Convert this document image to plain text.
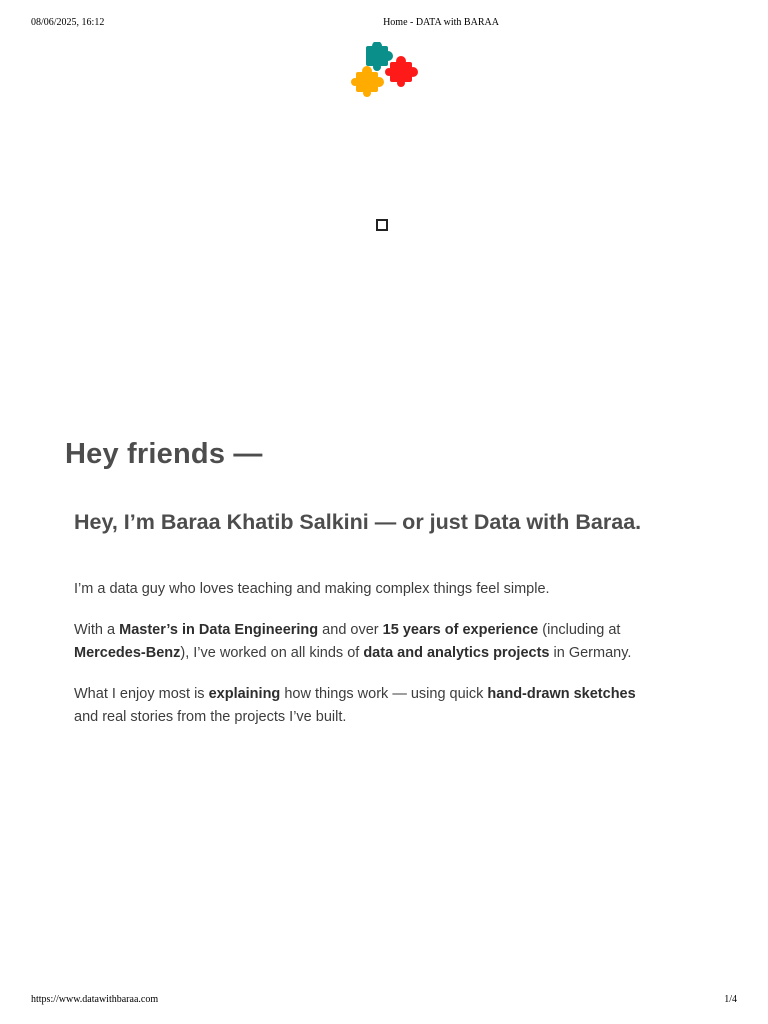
08/06/2025, 16:12	Home - DATA with BARAA
Hey friends —
Hey, I’m Baraa Khatib Salkini — or just Data with Baraa.

I’m a data guy who loves teaching and making complex things feel simple.

With a Master’s in Data Engineering and over 15 years of experience (including at
Mercedes-Benz), I’ve worked on all kinds of data and analytics projects in Germany.

What I enjoy most is explaining how things work — using quick hand-drawn sketches
and real stories from the projects I’ve built.

https://www.datawithbaraa.com	1/4
